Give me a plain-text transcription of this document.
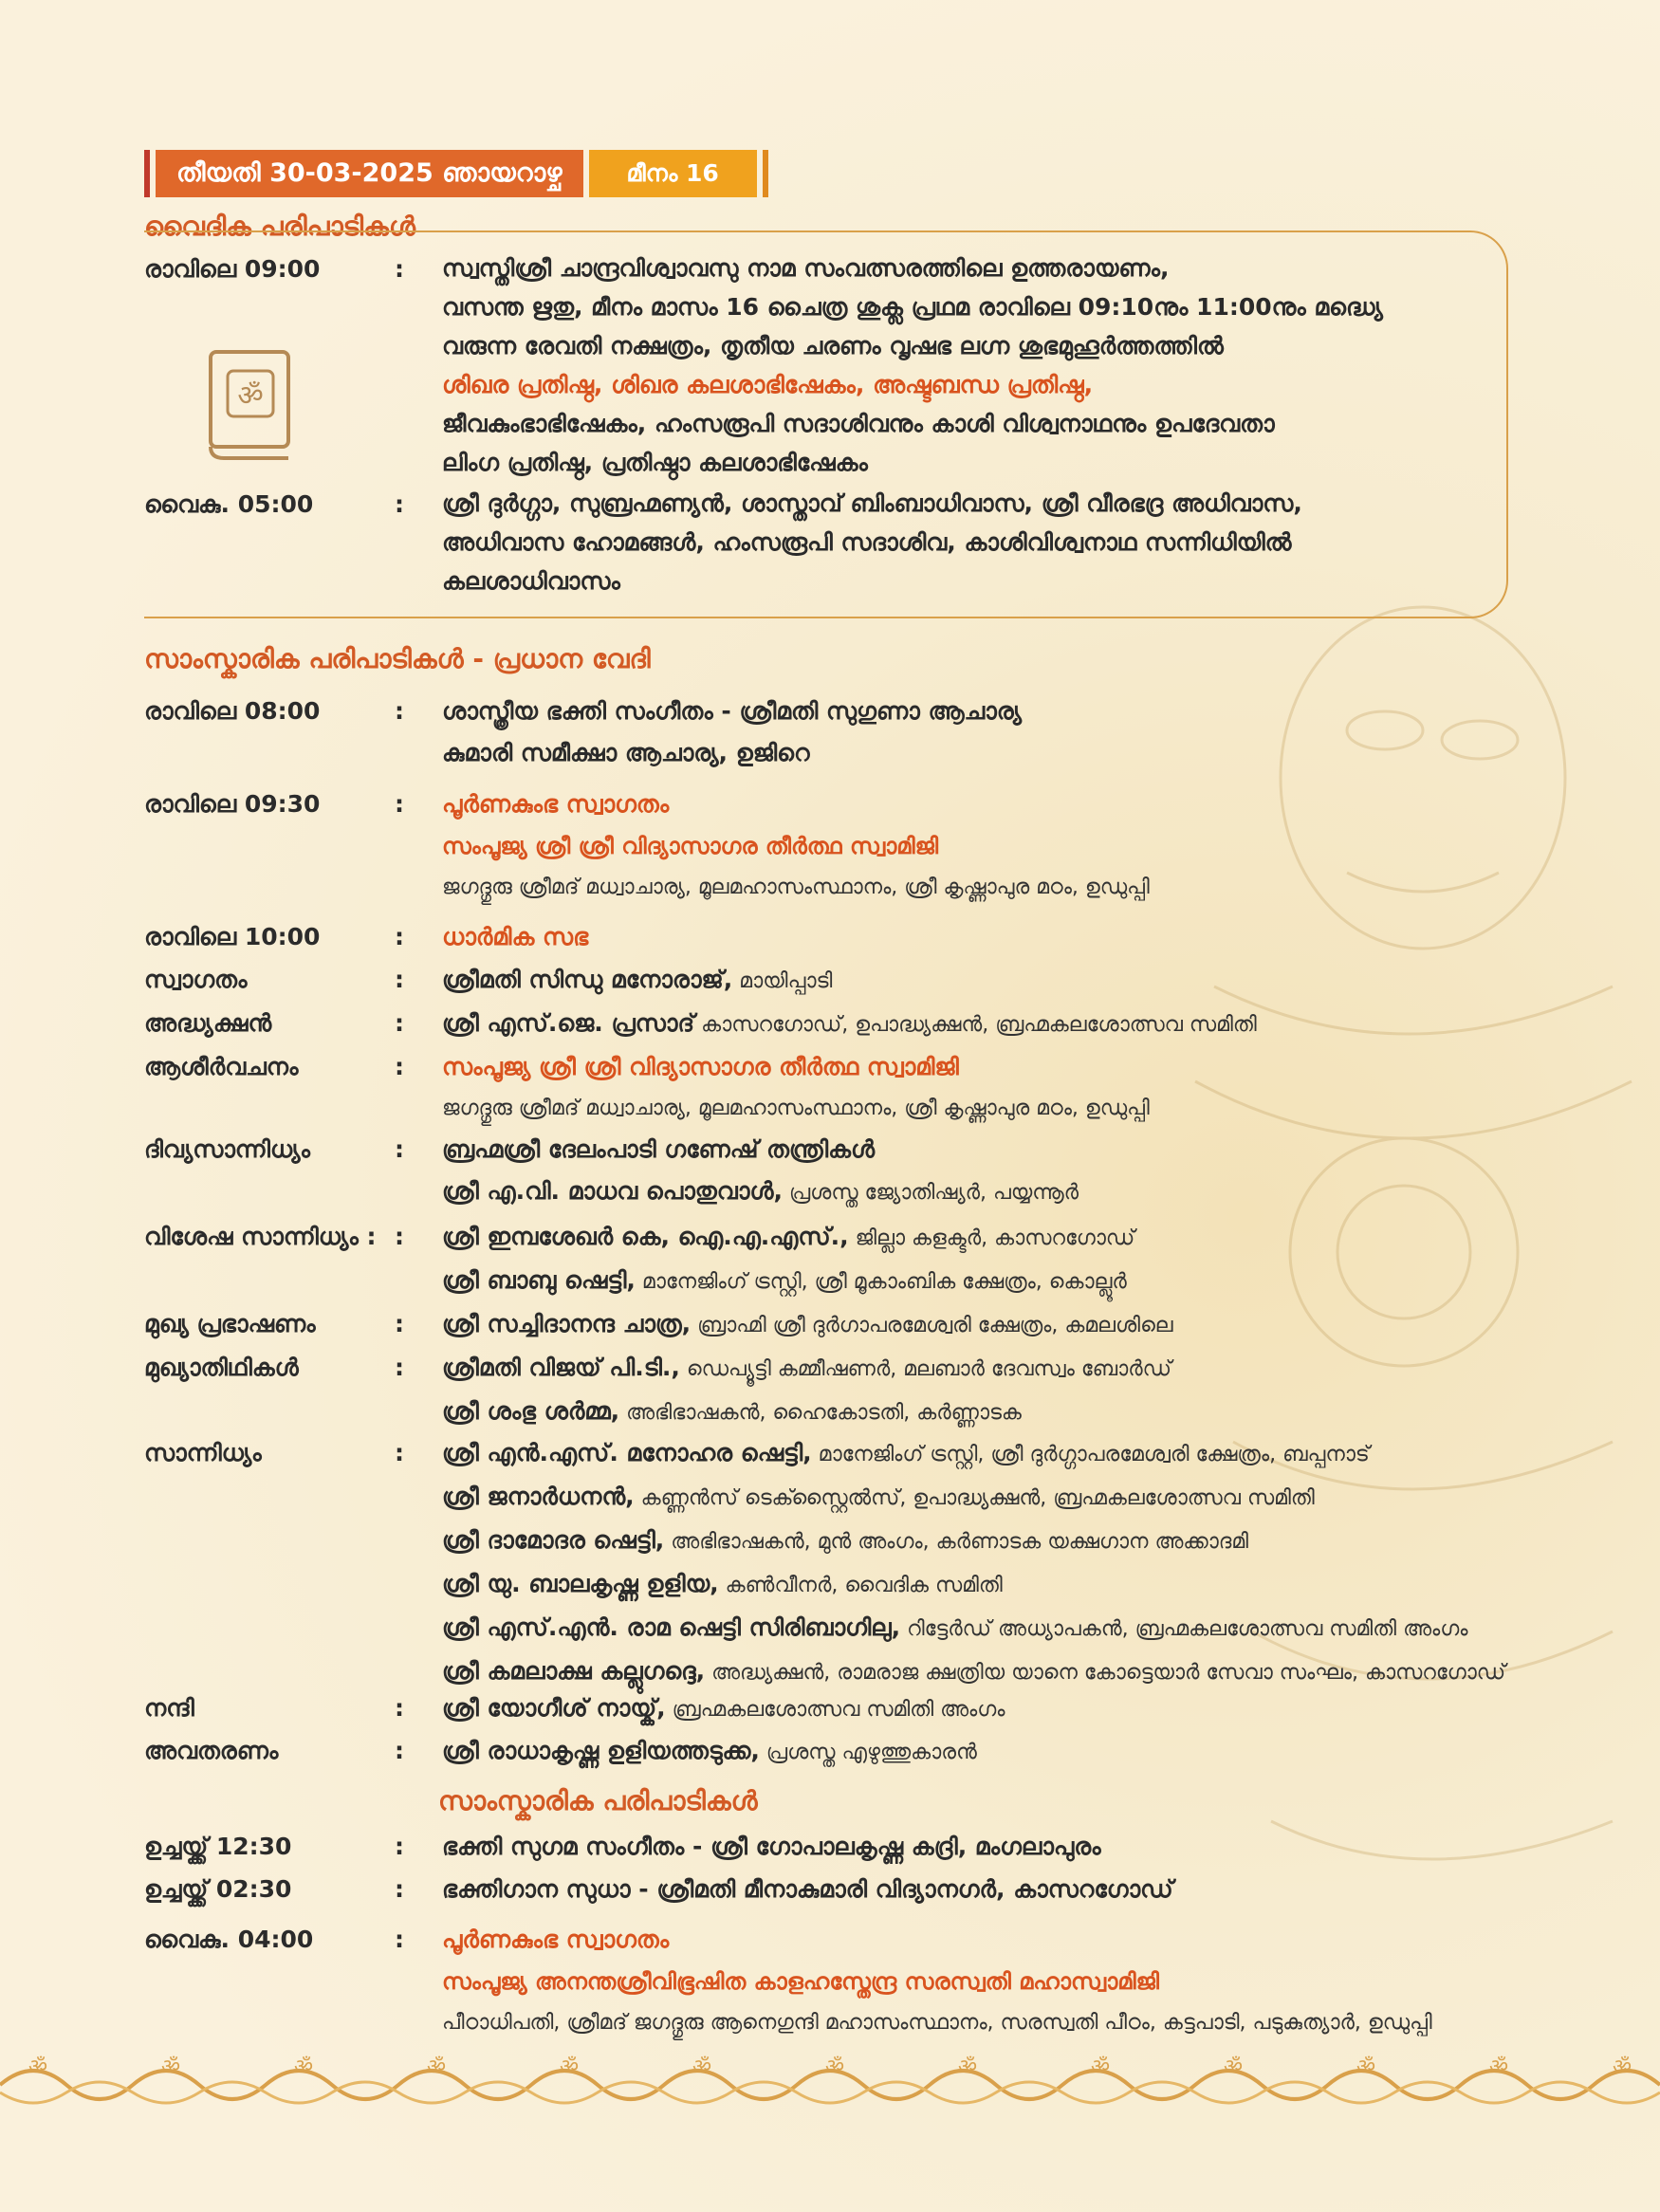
തീയതി 30-03-2025 ഞായറാഴ്ച	മീനം 16
വൈദിക പരിപാടികൾ
ॐ
രാവിലെ 09:00	:	സ്വസ്തിശ്രീ ചാന്ദ്രവിശ്വാവസു നാമ സംവത്സരത്തിലെ ഉത്തരായണം,
വസന്ത ഋതു, മീനം മാസം 16 ചൈത്ര ശുക്ല പ്രഥമ രാവിലെ 09:10നും 11:00നും മദ്ധ്യെ
വരുന്ന രേവതി നക്ഷത്രം, തൃതീയ ചരണം വൃഷഭ ലഗ്ന ശുഭമുഹൂർത്തത്തിൽ
ശിഖര പ്രതിഷ്ഠ, ശിഖര കലശാഭിഷേകം, അഷ്ടബന്ധ പ്രതിഷ്ഠ,
ജീവകുംഭാഭിഷേകം, ഹംസരൂപി സദാശിവനും കാശി വിശ്വനാഥനും ഉപദേവതാ
ലിംഗ പ്രതിഷ്ഠ, പ്രതിഷ്ഠാ കലശാഭിഷേകം
വൈകു. 05:00	:	ശ്രീ ദുർഗ്ഗാ, സുബ്രഹ്മണ്യൻ, ശാസ്താവ് ബിംബാധിവാസ, ശ്രീ വീരഭദ്ര അധിവാസ,
അധിവാസ ഹോമങ്ങൾ, ഹംസരൂപി സദാശിവ, കാശിവിശ്വനാഥ സന്നിധിയിൽ
കലശാധിവാസം
സാംസ്കാരിക പരിപാടികൾ - പ്രധാന വേദി
രാവിലെ 08:00	:	ശാസ്ത്രീയ ഭക്തി സംഗീതം - ശ്രീമതി സുഗുണാ ആചാര്യ
കുമാരി സമീക്ഷാ ആചാര്യ, ഉജിറെ
രാവിലെ 09:30	:	പൂർണകുംഭ സ്വാഗതം
സംപൂജ്യ ശ്രീ ശ്രീ വിദ്യാസാഗര തീർത്ഥ സ്വാമിജി
ജഗദ്ഗുരു ശ്രീമദ് മധ്വാചാര്യ, മൂലമഹാസംസ്ഥാനം, ശ്രീ കൃഷ്ണാപുര മഠം, ഉഡുപ്പി
രാവിലെ 10:00	:	ധാർമിക സഭ
സ്വാഗതം	:	ശ്രീമതി സിന്ധു മനോരാജ്, മായിപ്പാടി
അദ്ധ്യക്ഷൻ	:	ശ്രീ എസ്.ജെ. പ്രസാദ് കാസറഗോഡ്, ഉപാദ്ധ്യക്ഷൻ, ബ്രഹ്മകലശോത്സവ സമിതി
ആശീർവചനം	:	സംപൂജ്യ ശ്രീ ശ്രീ വിദ്യാസാഗര തീർത്ഥ സ്വാമിജി
ജഗദ്ഗുരു ശ്രീമദ് മധ്വാചാര്യ, മൂലമഹാസംസ്ഥാനം, ശ്രീ കൃഷ്ണാപുര മഠം, ഉഡുപ്പി
ദിവ്യസാന്നിധ്യം	:	ബ്രഹ്മശ്രീ ദേലംപാടി ഗണേഷ് തന്ത്രികൾ
ശ്രീ എ.വി. മാധവ പൊതുവാൾ, പ്രശസ്ത ജ്യോതിഷ്യർ, പയ്യന്നൂർ
വിശേഷ സാന്നിധ്യം : :	ശ്രീ ഇമ്പശേഖർ കെ, ഐ.എ.എസ്., ജില്ലാ കളക്ടർ, കാസറഗോഡ്
ശ്രീ ബാബു ഷെട്ടി, മാനേജിംഗ് ട്രസ്റ്റി, ശ്രീ മൂകാംബിക ക്ഷേത്രം, കൊല്ലൂർ
മുഖ്യ പ്രഭാഷണം	:	ശ്രീ സച്ചിദാനന്ദ ചാത്ര, ബ്രാഹ്മി ശ്രീ ദുർഗാപരമേശ്വരി ക്ഷേത്രം, കമലശിലെ
മുഖ്യാതിഥികൾ	:	ശ്രീമതി വിജയ് പി.ടി., ഡെപ്യൂട്ടി കമ്മീഷണർ, മലബാർ ദേവസ്വം ബോർഡ്
ശ്രീ ശംഭു ശർമ്മ, അഭിഭാഷകൻ, ഹൈകോടതി, കർണ്ണാടക
സാന്നിധ്യം	:	ശ്രീ എൻ.എസ്. മനോഹര ഷെട്ടി, മാനേജിംഗ് ട്രസ്റ്റി, ശ്രീ ദുർഗ്ഗാപരമേശ്വരി ക്ഷേത്രം, ബപ്പനാട്
ശ്രീ ജനാർധനൻ, കണ്ണൻസ് ടെക്സ്റ്റൈൽസ്, ഉപാദ്ധ്യക്ഷൻ, ബ്രഹ്മകലശോത്സവ സമിതി
ശ്രീ ദാമോദര ഷെട്ടി, അഭിഭാഷകൻ, മുൻ അംഗം, കർണാടക യക്ഷഗാന അക്കാദമി
ശ്രീ യു. ബാലകൃഷ്ണ ഉളിയ, കൺവീനർ, വൈദിക സമിതി
ശ്രീ എസ്.എൻ. രാമ ഷെട്ടി സിരിബാഗിലു, റിട്ടേർഡ് അധ്യാപകൻ, ബ്രഹ്മകലശോത്സവ സമിതി അംഗം
ശ്രീ കമലാക്ഷ കല്ലുഗദ്ദെ, അദ്ധ്യക്ഷൻ, രാമരാജ ക്ഷത്രിയ യാനെ കോട്ടെയാർ സേവാ സംഘം, കാസറഗോഡ്
നന്ദി	:	ശ്രീ യോഗീശ് നായ്ക്, ബ്രഹ്മകലശോത്സവ സമിതി അംഗം
അവതരണം	:	ശ്രീ രാധാകൃഷ്ണ ഉളിയത്തടുക്ക, പ്രശസ്ത എഴുത്തുകാരൻ
സാംസ്കാരിക പരിപാടികൾ
ഉച്ചയ്ക്ക് 12:30	:	ഭക്തി സുഗമ സംഗീതം - ശ്രീ ഗോപാലകൃഷ്ണ കദ്രി, മംഗലാപുരം
ഉച്ചയ്ക്ക് 02:30	:	ഭക്തിഗാന സുധാ - ശ്രീമതി മീനാകുമാരി വിദ്യാനഗർ, കാസറഗോഡ്
വൈകു. 04:00	:	പൂർണകുംഭ സ്വാഗതം
സംപൂജ്യ അനന്തശ്രീവിഭൂഷിത കാളഹസ്തേന്ദ്ര സരസ്വതി മഹാസ്വാമിജി
പീഠാധിപതി, ശ്രീമദ് ജഗദ്ഗുരു ആനെഗുന്ദി മഹാസംസ്ഥാനം, സരസ്വതി പീഠം, കട്ടപാടി, പടുകുത്യാർ, ഉഡുപ്പി
ॐ	ॐ	ॐ	ॐ	ॐ	ॐ	ॐ	ॐ	ॐ	ॐ	ॐ	ॐ	ॐ
